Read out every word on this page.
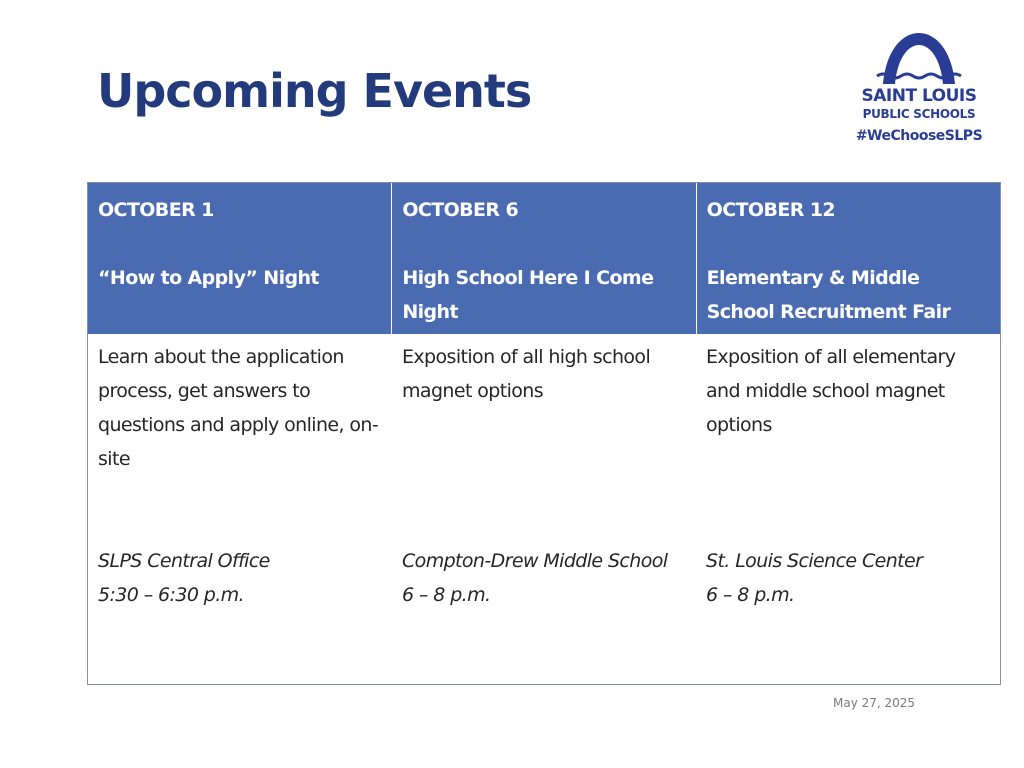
Upcoming Events	SAINT LOUIS
PUBLIC SCHOOLS
#WeChooseSLPS
OCTOBER 1
“How to Apply” Night
OCTOBER 6
High School Here I Come Night
OCTOBER 12
Elementary & Middle School Recruitment Fair
Learn about the application process, get answers to questions and apply online, on-site
SLPS Central Office
5:30 – 6:30 p.m.
Exposition of all high school magnet options
Compton-Drew Middle School
6 – 8 p.m.
Exposition of all elementary and middle school magnet options
St. Louis Science Center
6 – 8 p.m.
May 27, 2025
